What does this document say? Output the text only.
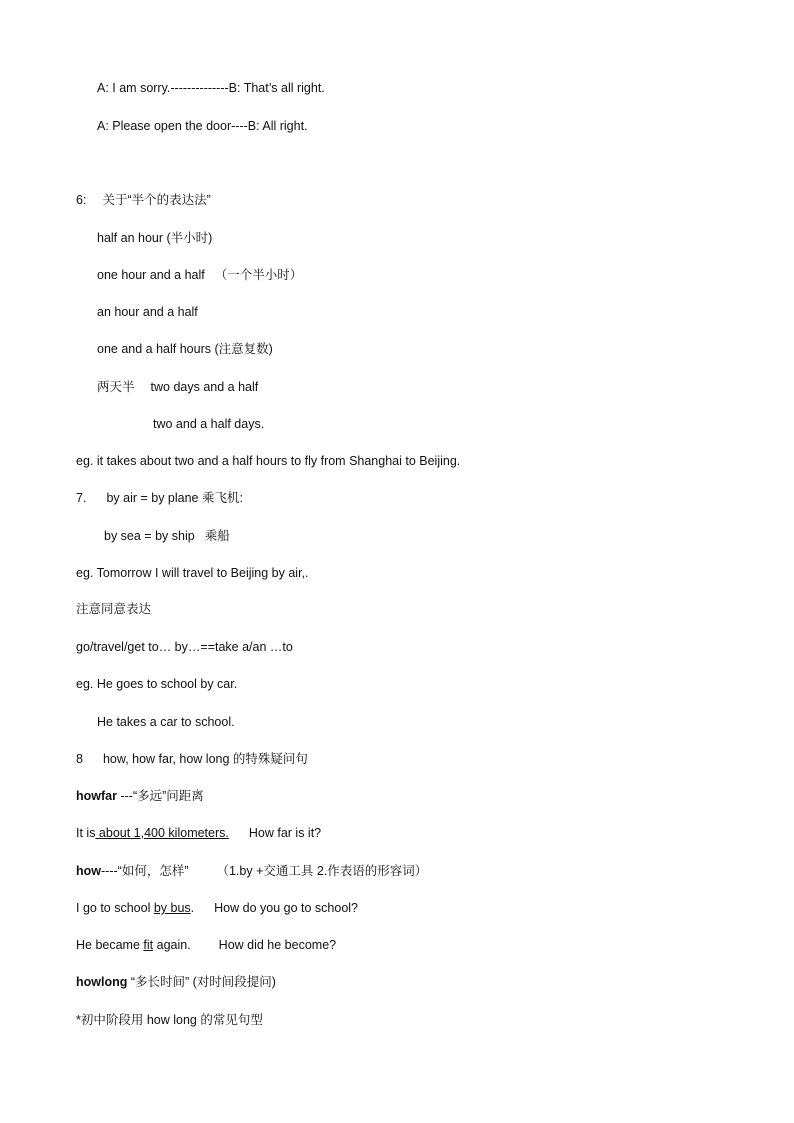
A: I am sorry.--------------B: That’s all right.
A: Please open the door----B: All right.
6: 关于“半个的表达法”
half an hour (半小时)
one hour and a half （一个半小时）
an hour and a half
one and a half hours (注意复数)
两天半 two days and a half
two and a half days.
eg. it takes about two and a half hours to fly from Shanghai to Beijing.
7. by air = by plane 乘飞机:
by sea = by ship 乘船
eg. Tomorrow I will travel to Beijing by air,.
注意同意表达
go/travel/get to… by…==take a/an …to
eg. He goes to school by car.
He takes a car to school.
8 how, how far, how long 的特殊疑问句
howfar ---“多远”问距离
It is about 1,400 kilometers. How far is it?
how----“如何，怎样” （1.by +交通工具 2.作表语的形容词）
I go to school by bus. How do you go to school?
He became fit again. How did he become?
howlong “多长时间” (对时间段提问)
*初中阶段用 how long 的常见句型
